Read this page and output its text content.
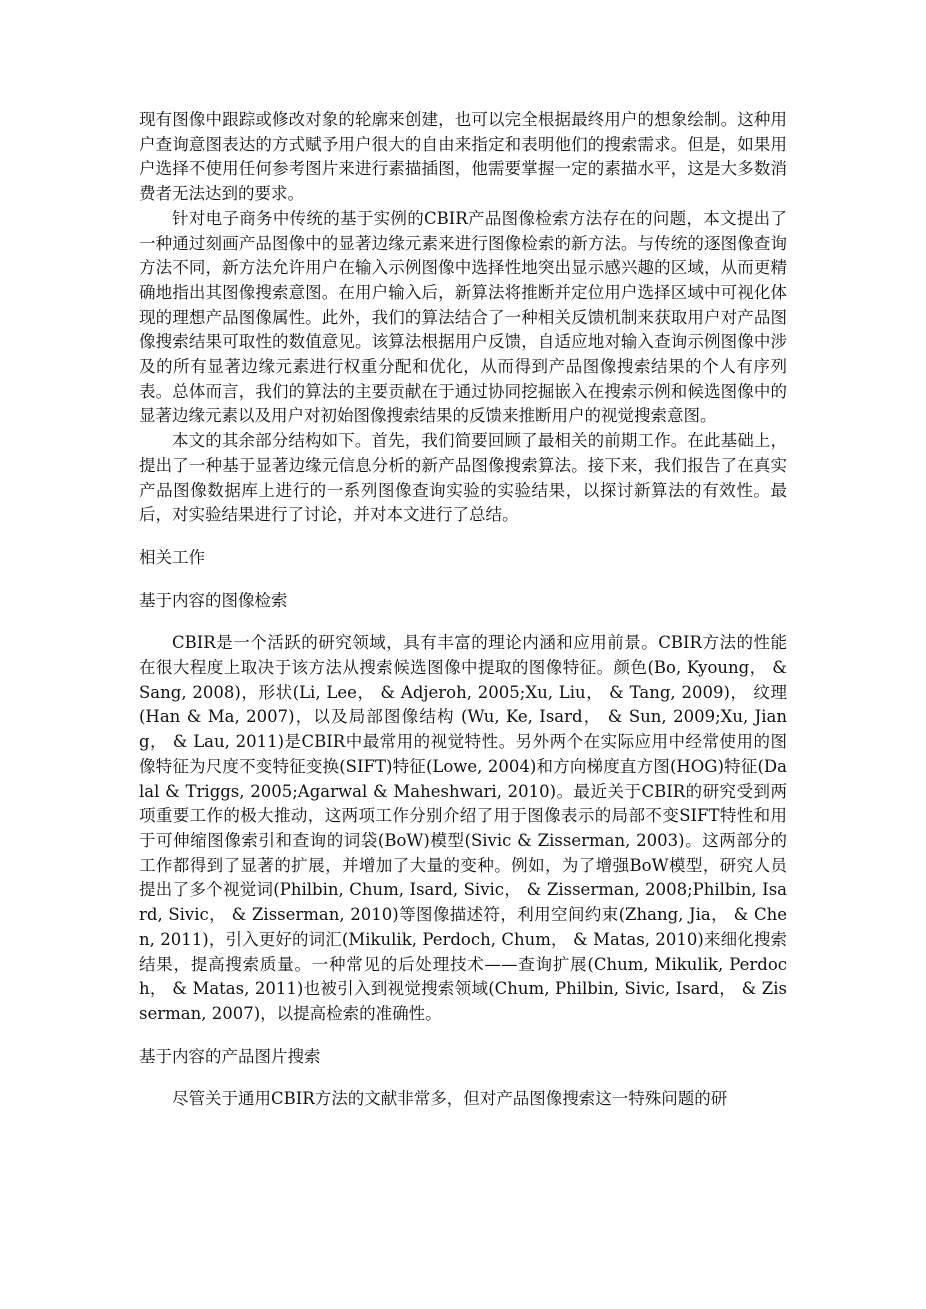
现有图像中跟踪或修改对象的轮廓来创建，也可以完全根据最终用户的想象绘制。这种用户查询意图表达的方式赋予用户很大的自由来指定和表明他们的搜索需求。但是，如果用户选择不使用任何参考图片来进行素描插图，他需要掌握一定的素描水平，这是大多数消费者无法达到的要求。

针对电子商务中传统的基于实例的CBIR产品图像检索方法存在的问题，本文提出了一种通过刻画产品图像中的显著边缘元素来进行图像检索的新方法。与传统的逐图像查询方法不同，新方法允许用户在输入示例图像中选择性地突出显示感兴趣的区域，从而更精确地指出其图像搜索意图。在用户输入后，新算法将推断并定位用户选择区域中可视化体现的理想产品图像属性。此外，我们的算法结合了一种相关反馈机制来获取用户对产品图像搜索结果可取性的数值意见。该算法根据用户反馈，自适应地对输入查询示例图像中涉及的所有显著边缘元素进行权重分配和优化，从而得到产品图像搜索结果的个人有序列表。总体而言，我们的算法的主要贡献在于通过协同挖掘嵌入在搜索示例和候选图像中的显著边缘元素以及用户对初始图像搜索结果的反馈来推断用户的视觉搜索意图。

本文的其余部分结构如下。首先，我们简要回顾了最相关的前期工作。在此基础上，提出了一种基于显著边缘元信息分析的新产品图像搜索算法。接下来，我们报告了在真实产品图像数据库上进行的一系列图像查询实验的实验结果，以探讨新算法的有效性。最后，对实验结果进行了讨论，并对本文进行了总结。

相关工作
基于内容的图像检索

CBIR是一个活跃的研究领域，具有丰富的理论内涵和应用前景。CBIR方法的性能在很大程度上取决于该方法从搜索候选图像中提取的图像特征。颜色(Bo, Kyoung， & Sang, 2008)，形状(Li, Lee， & Adjeroh, 2005;Xu, Liu， & Tang, 2009)， 纹理(Han & Ma, 2007)，以及局部图像结构 (Wu, Ke, Isard， & Sun, 2009;Xu, Jiang， & Lau, 2011)是CBIR中最常用的视觉特性。另外两个在实际应用中经常使用的图像特征为尺度不变特征变换(SIFT)特征(Lowe, 2004)和方向梯度直方图(HOG)特征(Dalal & Triggs, 2005;Agarwal & Maheshwari, 2010)。最近关于CBIR的研究受到两项重要工作的极大推动，这两项工作分别介绍了用于图像表示的局部不变SIFT特性和用于可伸缩图像索引和查询的词袋(BoW)模型(Sivic & Zisserman, 2003)。这两部分的工作都得到了显著的扩展，并增加了大量的变种。例如，为了增强BoW模型，研究人员提出了多个视觉词(Philbin, Chum, Isard, Sivic， & Zisserman, 2008;Philbin, Isard, Sivic， & Zisserman, 2010)等图像描述符，利用空间约束(Zhang, Jia， & Chen, 2011)，引入更好的词汇(Mikulik, Perdoch, Chum， & Matas, 2010)来细化搜索结果，提高搜索质量。一种常见的后处理技术——查询扩展(Chum, Mikulik, Perdoch， & Matas, 2011)也被引入到视觉搜索领域(Chum, Philbin, Sivic, Isard， & Zisserman, 2007)，以提高检索的准确性。

基于内容的产品图片搜索

尽管关于通用CBIR方法的文献非常多，但对产品图像搜索这一特殊问题的研
